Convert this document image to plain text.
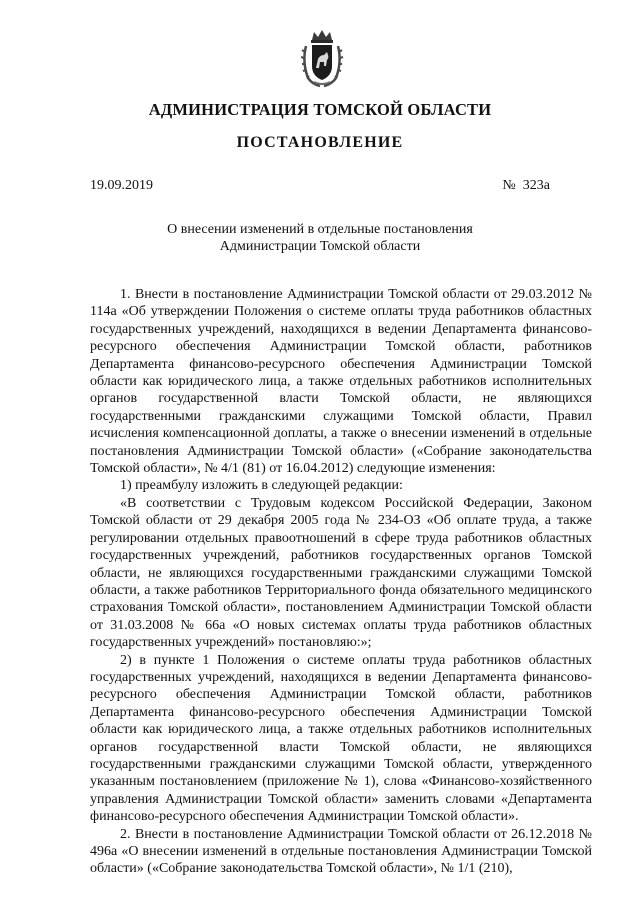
АДМИНИСТРАЦИЯ ТОМСКОЙ ОБЛАСТИ
ПОСТАНОВЛЕНИЕ
19.09.2019	№  323а
О внесении изменений в отдельные постановления
Администрации Томской области

1. Внести в постановление Администрации Томской области от 29.03.2012 № 114а «Об утверждении Положения о системе оплаты труда работников областных государственных учреждений, находящихся в ведении Департамента финансово-ресурсного обеспечения Администрации Томской области, работников Департамента финансово-ресурсного обеспечения Администрации Томской области как юридического лица, а также отдельных работников исполнительных органов государственной власти Томской области, не являющихся государственными гражданскими служащими Томской области, Правил исчисления компенсационной доплаты, а также о внесении изменений в отдельные постановления Администрации Томской области» («Собрание законодательства Томской области», № 4/1 (81) от 16.04.2012) следующие изменения:

1) преамбулу изложить в следующей редакции:

«В соответствии с Трудовым кодексом Российской Федерации, Законом Томской области от 29 декабря 2005 года № 234-ОЗ «Об оплате труда, а также регулировании отдельных правоотношений в сфере труда работников областных государственных учреждений, работников государственных органов Томской области, не являющихся государственными гражданскими служащими Томской области, а также работников Территориального фонда обязательного медицинского страхования Томской области», постановлением Администрации Томской области от 31.03.2008 № 66а «О новых системах оплаты труда работников областных государственных учреждений» постановляю:»;

2) в пункте 1 Положения о системе оплаты труда работников областных государственных учреждений, находящихся в ведении Департамента финансово-ресурсного обеспечения Администрации Томской области, работников Департамента финансово-ресурсного обеспечения Администрации Томской области как юридического лица, а также отдельных работников исполнительных органов государственной власти Томской области, не являющихся государственными гражданскими служащими Томской области, утвержденного указанным постановлением (приложение № 1), слова «Финансово-хозяйственного управления Администрации Томской области» заменить словами «Департамента финансово-ресурсного обеспечения Администрации Томской области».

2. Внести в постановление Администрации Томской области от 26.12.2018 № 496а «О внесении изменений в отдельные постановления Администрации Томской области» («Собрание законодательства Томской области», № 1/1 (210),
